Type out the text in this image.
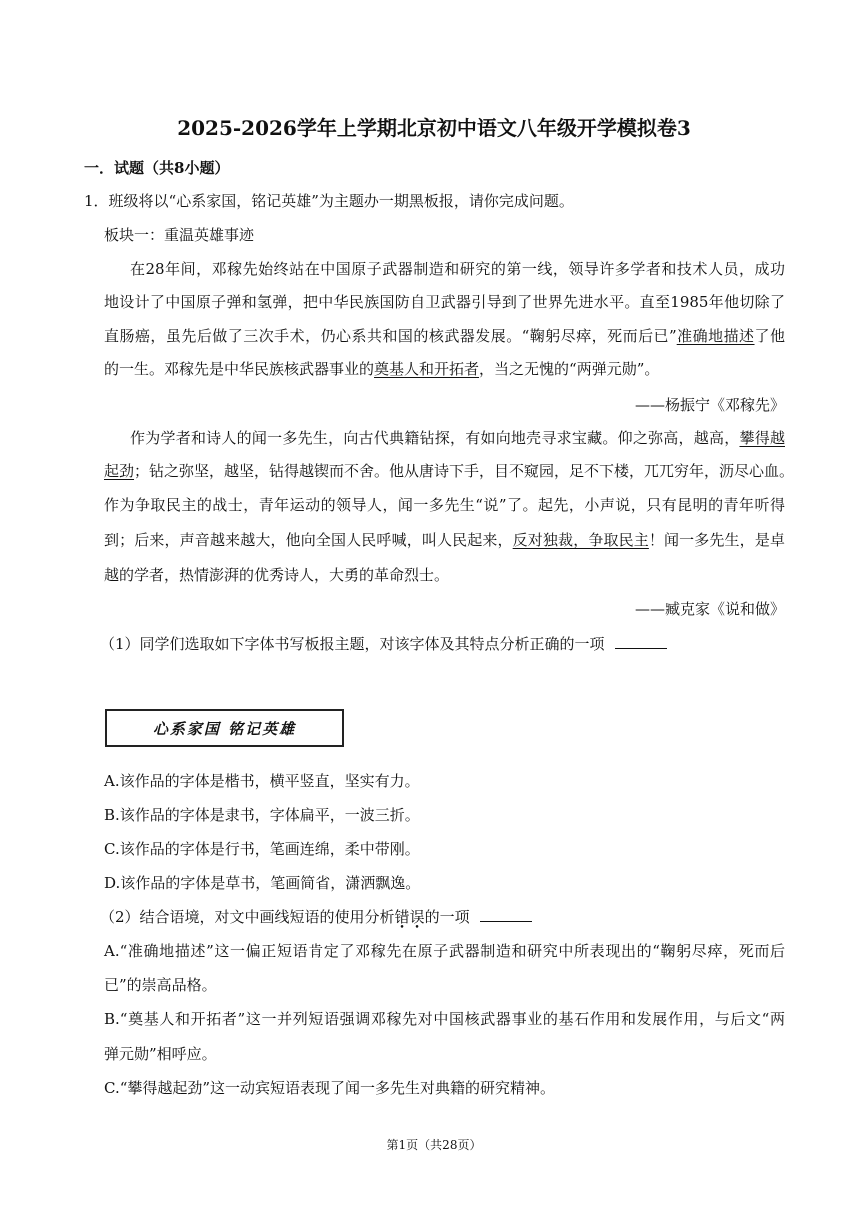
2025-2026学年上学期北京初中语文八年级开学模拟卷3
一．试题（共8小题）
1．班级将以“心系家国，铭记英雄”为主题办一期黑板报，请你完成问题。
板块一：重温英雄事迹
在28年间，邓稼先始终站在中国原子武器制造和研究的第一线，领导许多学者和技术人员，成功
地设计了中国原子弹和氢弹，把中华民族国防自卫武器引导到了世界先进水平。直至1985年他切除了
直肠癌，虽先后做了三次手术，仍心系共和国的核武器发展。“鞠躬尽瘁，死而后已”准确地描述了他
的一生。邓稼先是中华民族核武器事业的奠基人和开拓者，当之无愧的“两弹元勋”。
——杨振宁《邓稼先》
作为学者和诗人的闻一多先生，向古代典籍钻探，有如向地壳寻求宝藏。仰之弥高，越高，攀得越
起劲；钻之弥坚，越坚，钻得越锲而不舍。他从唐诗下手，目不窥园，足不下楼，兀兀穷年，沥尽心血。
作为争取民主的战士，青年运动的领导人，闻一多先生“说”了。起先，小声说，只有昆明的青年听得
到；后来，声音越来越大，他向全国人民呼喊，叫人民起来，反对独裁，争取民主！闻一多先生，是卓
越的学者，热情澎湃的优秀诗人，大勇的革命烈士。
——臧克家《说和做》
（1）同学们选取如下字体书写板报主题，对该字体及其特点分析正确的一项
心系家国 铭记英雄
A.该作品的字体是楷书，横平竖直，坚实有力。
B.该作品的字体是隶书，字体扁平，一波三折。
C.该作品的字体是行书，笔画连绵，柔中带刚。
D.该作品的字体是草书，笔画简省，潇洒飘逸。
（2）结合语境，对文中画线短语的使用分析错误的一项
A.“准确地描述”这一偏正短语肯定了邓稼先在原子武器制造和研究中所表现出的“鞠躬尽瘁，死而后
已”的崇高品格。
B.“奠基人和开拓者”这一并列短语强调邓稼先对中国核武器事业的基石作用和发展作用，与后文“两
弹元勋”相呼应。
C.“攀得越起劲”这一动宾短语表现了闻一多先生对典籍的研究精神。
第1页（共28页）
